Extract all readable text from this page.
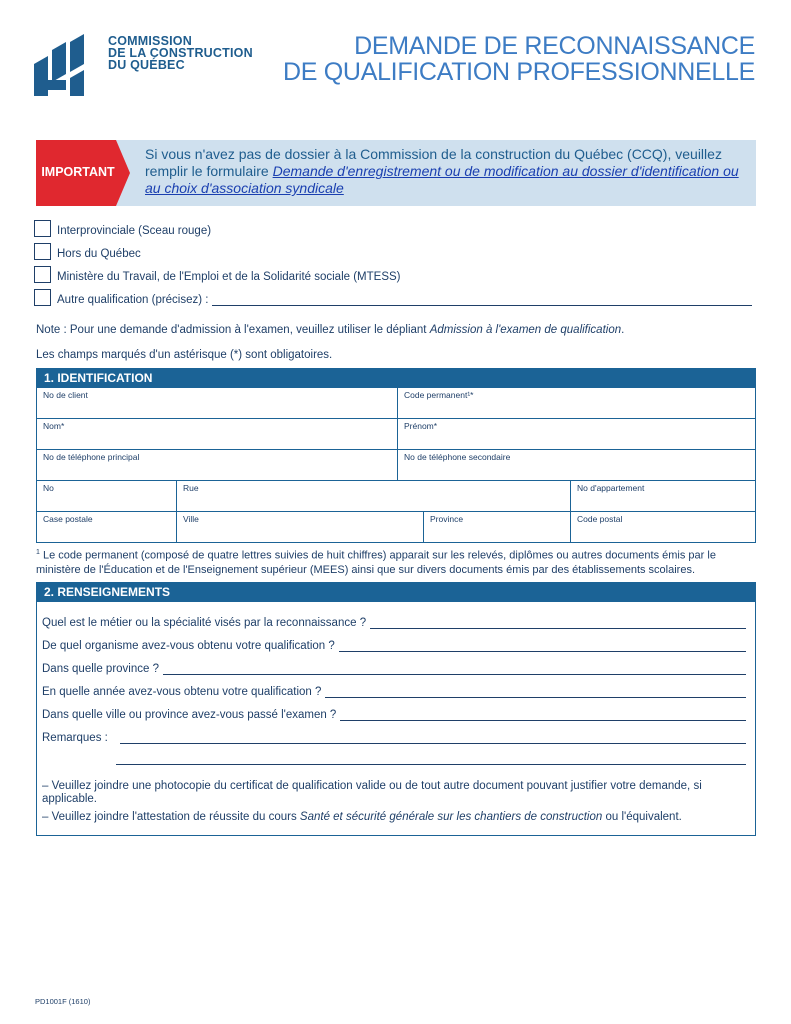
COMMISSION
DE LA CONSTRUCTION
DU QUÉBEC
DEMANDE DE RECONNAISSANCE
DE QUALIFICATION PROFESSIONNELLE
IMPORTANT
Si vous n'avez pas de dossier à la Commission de la construction du Québec (CCQ), veuillez remplir le formulaire Demande d'enregistrement ou de modification au dossier d'identification ou au choix d'association syndicale
Interprovinciale (Sceau rouge)
Hors du Québec
Ministère du Travail, de l'Emploi et de la Solidarité sociale (MTESS)
Autre qualification (précisez) :
Note : Pour une demande d'admission à l'examen, veuillez utiliser le dépliant Admission à l'examen de qualification.
Les champs marqués d'un astérisque (*) sont obligatoires.
1. IDENTIFICATION
No de client	Code permanent¹*
Nom*	Prénom*
No de téléphone principal	No de téléphone secondaire
No	Rue	No d'appartement
Case postale	Ville	Province	Code postal
$^1$ Le code permanent (composé de quatre lettres suivies de huit chiffres) apparait sur les relevés, diplômes ou autres documents émis par le ministère de l'Éducation et de l'Enseignement supérieur (MEES) ainsi que sur divers documents émis par des établissements scolaires.
2. RENSEIGNEMENTS
Quel est le métier ou la spécialité visés par la reconnaissance ?
De quel organisme avez-vous obtenu votre qualification ?
Dans quelle province ?
En quelle année avez-vous obtenu votre qualification ?
Dans quelle ville ou province avez-vous passé l'examen ?
Remarques :
– Veuillez joindre une photocopie du certificat de qualification valide ou de tout autre document pouvant justifier votre demande, si applicable.
– Veuillez joindre l'attestation de réussite du cours Santé et sécurité générale sur les chantiers de construction ou l'équivalent.
PD1001F (1610)
